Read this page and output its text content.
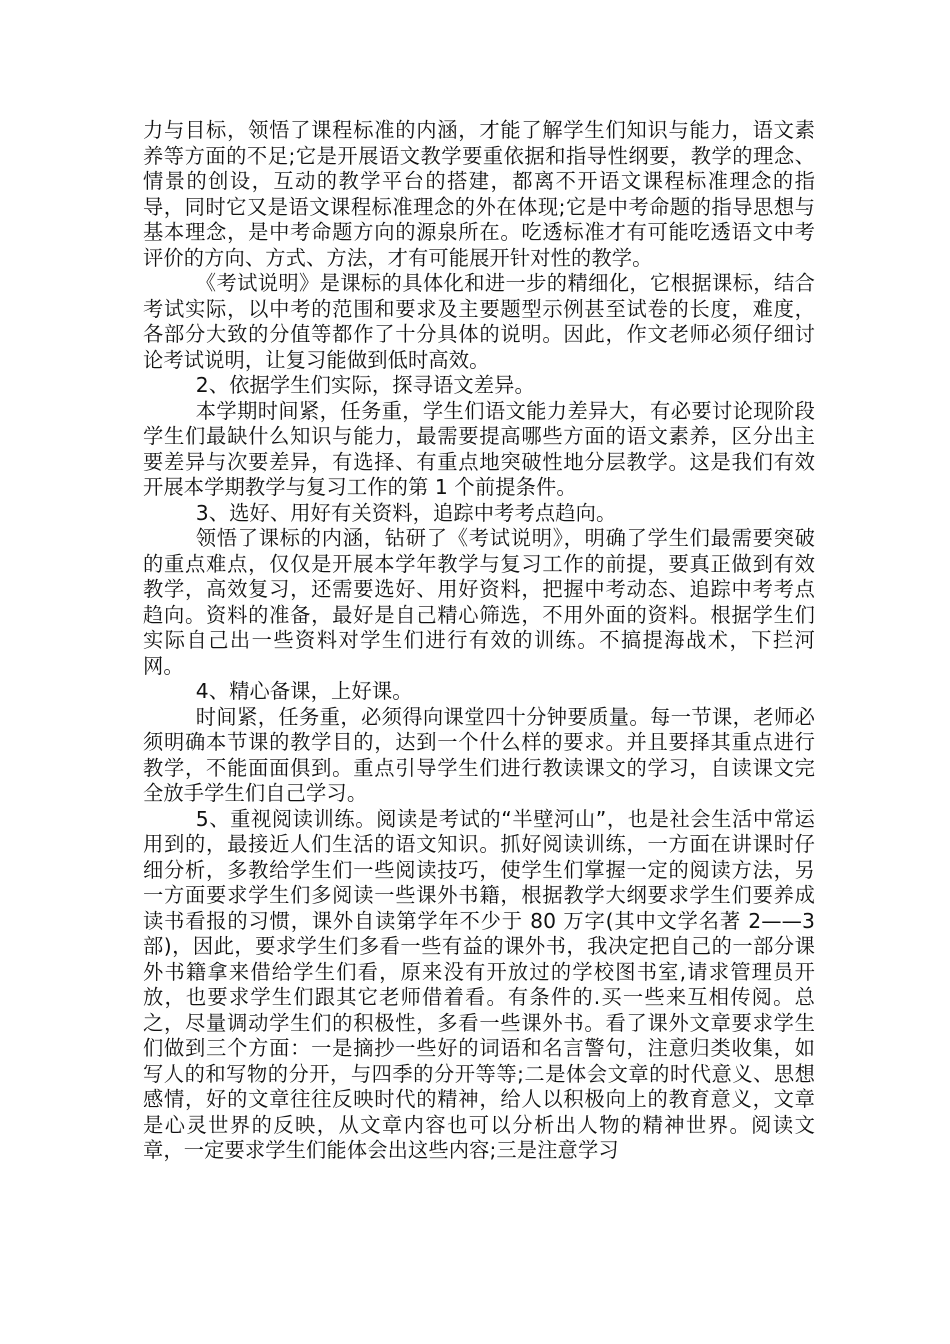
力与目标，领悟了课程标准的内涵，才能了解学生们知识与能力，语文素养等方面的不足;它是开展语文教学要重依据和指导性纲要，教学的理念、情景的创设，互动的教学平台的搭建，都离不开语文课程标准理念的指导，同时它又是语文课程标准理念的外在体现;它是中考命题的指导思想与基本理念，是中考命题方向的源泉所在。吃透标准才有可能吃透语文中考评价的方向、方式、方法，才有可能展开针对性的教学。

《考试说明》是课标的具体化和进一步的精细化，它根据课标，结合考试实际，以中考的范围和要求及主要题型示例甚至试卷的长度，难度，各部分大致的分值等都作了十分具体的说明。因此，作文老师必须仔细讨论考试说明，让复习能做到低时高效。

2、依据学生们实际，探寻语文差异。

本学期时间紧，任务重，学生们语文能力差异大，有必要讨论现阶段学生们最缺什么知识与能力，最需要提高哪些方面的语文素养，区分出主要差异与次要差异，有选择、有重点地突破性地分层教学。这是我们有效开展本学期教学与复习工作的第 1 个前提条件。

3、选好、用好有关资料，追踪中考考点趋向。

领悟了课标的内涵，钻研了《考试说明》，明确了学生们最需要突破的重点难点，仅仅是开展本学年教学与复习工作的前提，要真正做到有效教学，高效复习，还需要选好、用好资料，把握中考动态、追踪中考考点趋向。资料的准备，最好是自己精心筛选，不用外面的资料。根据学生们实际自己出一些资料对学生们进行有效的训练。不搞提海战术，下拦河网。

4、精心备课，上好课。

时间紧，任务重，必须得向课堂四十分钟要质量。每一节课，老师必须明确本节课的教学目的，达到一个什么样的要求。并且要择其重点进行教学，不能面面俱到。重点引导学生们进行教读课文的学习，自读课文完全放手学生们自己学习。

5、重视阅读训练。阅读是考试的“半壁河山”，也是社会生活中常运用到的，最接近人们生活的语文知识。抓好阅读训练，一方面在讲课时仔细分析，多教给学生们一些阅读技巧，使学生们掌握一定的阅读方法，另一方面要求学生们多阅读一些课外书籍，根据教学大纲要求学生们要养成读书看报的习惯，课外自读第学年不少于 80 万字(其中文学名著 2——3 部)，因此，要求学生们多看一些有益的课外书，我决定把自己的一部分课外书籍拿来借给学生们看，原来没有开放过的学校图书室,请求管理员开放，也要求学生们跟其它老师借着看。有条件的.买一些来互相传阅。总之，尽量调动学生们的积极性，多看一些课外书。看了课外文章要求学生们做到三个方面：一是摘抄一些好的词语和名言警句，注意归类收集，如写人的和写物的分开，与四季的分开等等;二是体会文章的时代意义、思想感情，好的文章往往反映时代的精神，给人以积极向上的教育意义，文章是心灵世界的反映，从文章内容也可以分析出人物的精神世界。阅读文章，一定要求学生们能体会出这些内容;三是注意学习
